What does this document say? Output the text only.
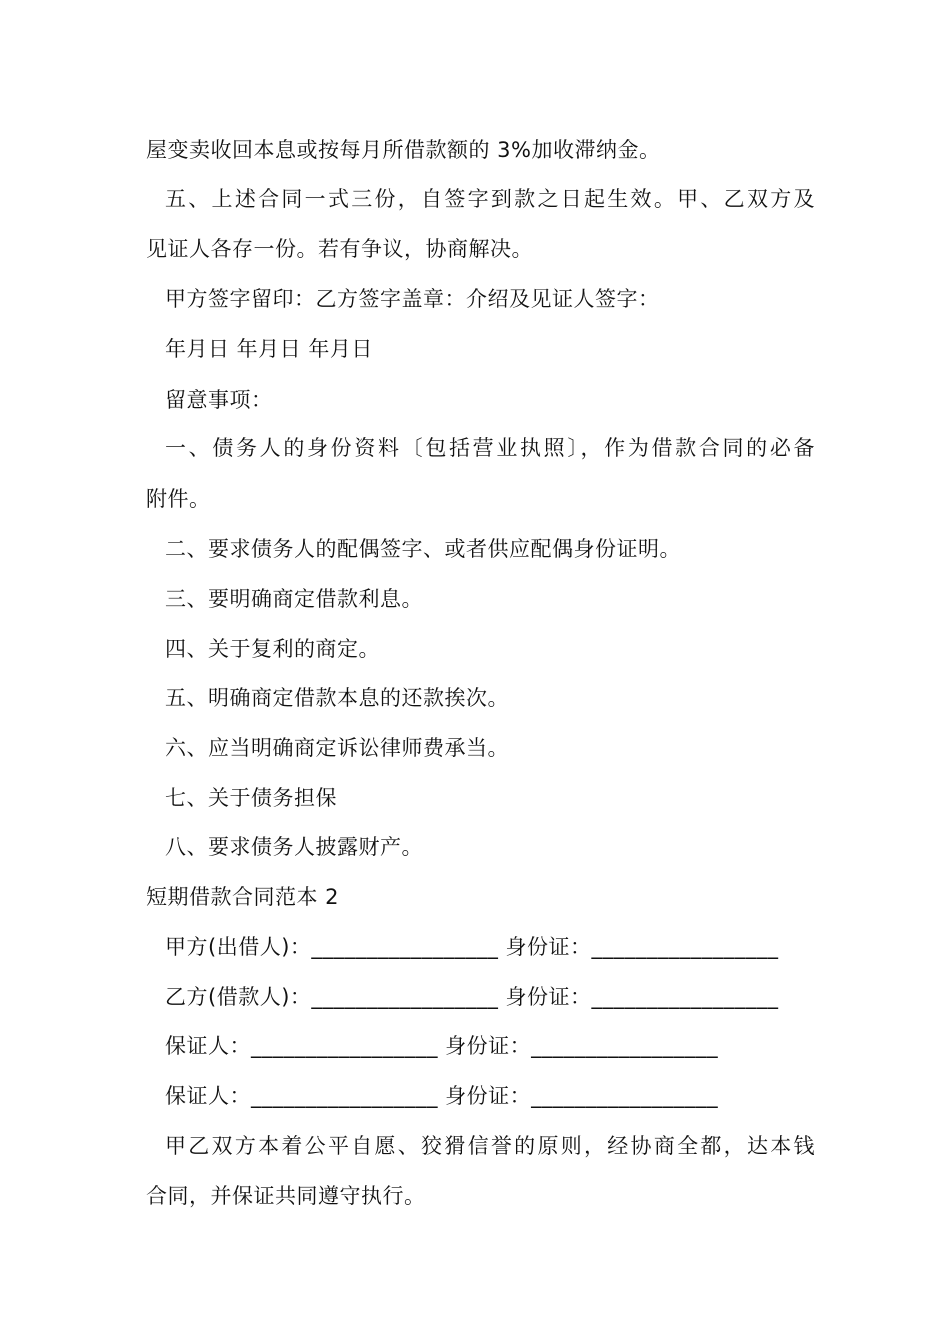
屋变卖收回本息或按每月所借款额的 3%加收滞纳金。
五、上述合同一式三份，自签字到款之日起生效。甲、乙双方及
见证人各存一份。若有争议，协商解决。
甲方签字留印：乙方签字盖章：介绍及见证人签字：
年月日 年月日 年月日
留意事项：
一、债务人的身份资料〔包括营业执照〕，作为借款合同的必备
附件。
二、要求债务人的配偶签字、或者供应配偶身份证明。
三、要明确商定借款利息。
四、关于复利的商定。
五、明确商定借款本息的还款挨次。
六、应当明确商定诉讼律师费承当。
七、关于债务担保
八、要求债务人披露财产。
短期借款合同范本 2
甲方(出借人)：_________________ 身份证：_________________
乙方(借款人)：_________________ 身份证：_________________
保证人：_________________ 身份证：_________________
保证人：_________________ 身份证：_________________
甲乙双方本着公平自愿、狡猾信誉的原则，经协商全都，达本钱
合同，并保证共同遵守执行。
